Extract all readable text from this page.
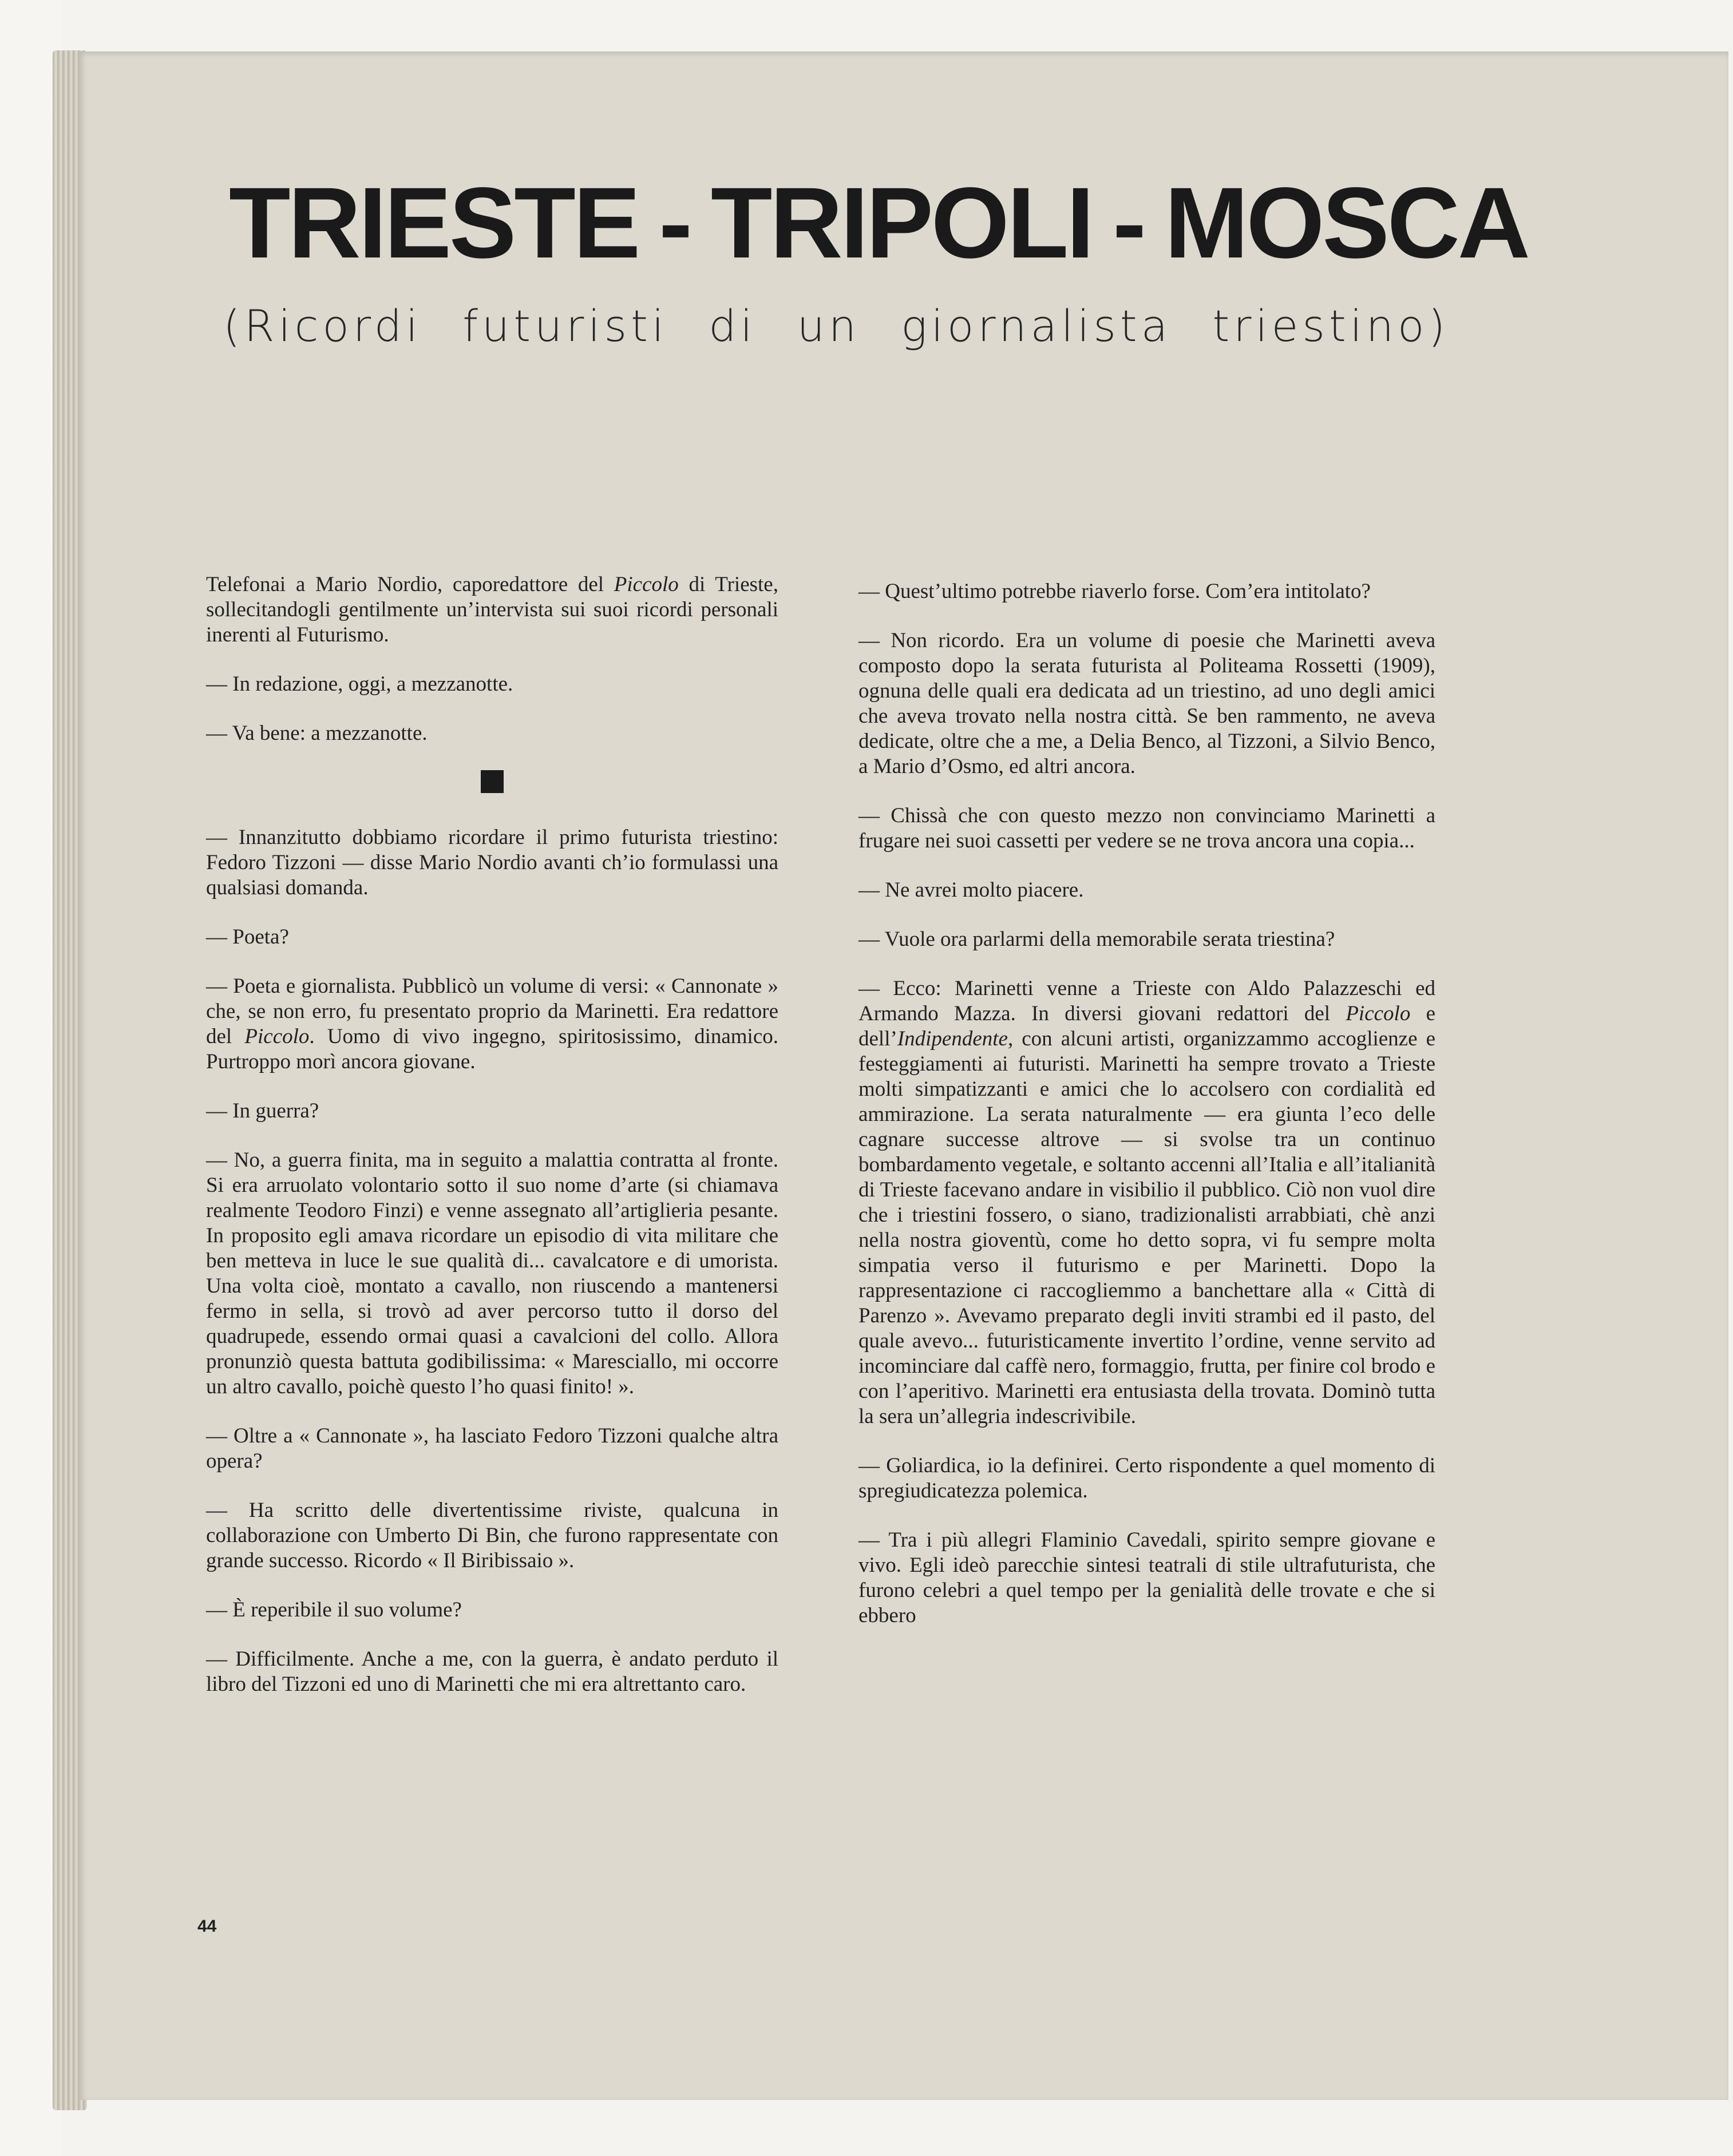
TRIESTE - TRIPOLI - MOSCA
(Ricordi futuristi di un giornalista triestino)

Telefonai a Mario Nordio, caporedattore del Piccolo di Trieste, sollecitandogli gentilmente un’intervista sui suoi ricordi personali inerenti al Futurismo.

— In redazione, oggi, a mezzanotte.

— Va bene: a mezzanotte.

— Innanzitutto dobbiamo ricordare il primo futurista triestino: Fedoro Tizzoni — disse Mario Nordio avanti ch’io formulassi una qualsiasi domanda.

— Poeta?

— Poeta e giornalista. Pubblicò un volume di versi: « Cannonate » che, se non erro, fu presentato proprio da Marinetti. Era redattore del Piccolo. Uomo di vivo ingegno, spiritosissimo, dinamico. Purtroppo morì ancora giovane.

— In guerra?

— No, a guerra finita, ma in seguito a malattia contratta al fronte. Si era arruolato volontario sotto il suo nome d’arte (si chiamava realmente Teodoro Finzi) e venne assegnato all’artiglieria pesante. In proposito egli amava ricordare un episodio di vita militare che ben metteva in luce le sue qualità di... cavalcatore e di umorista. Una volta cioè, montato a cavallo, non riuscendo a mantenersi fermo in sella, si trovò ad aver percorso tutto il dorso del quadrupede, essendo ormai quasi a cavalcioni del collo. Allora pronunziò questa battuta godibilissima: « Maresciallo, mi occorre un altro cavallo, poichè questo l’ho quasi finito! ».

— Oltre a « Cannonate », ha lasciato Fedoro Tizzoni qualche altra opera?

— Ha scritto delle divertentissime riviste, qualcuna in collaborazione con Umberto Di Bin, che furono rappresentate con grande successo. Ricordo « Il Biribissaio ».

— È reperibile il suo volume?

— Difficilmente. Anche a me, con la guerra, è andato perduto il libro del Tizzoni ed uno di Marinetti che mi era altrettanto caro.

— Quest’ultimo potrebbe riaverlo forse. Com’era intitolato?

— Non ricordo. Era un volume di poesie che Marinetti aveva composto dopo la serata futurista al Politeama Rossetti (1909), ognuna delle quali era dedicata ad un triestino, ad uno degli amici che aveva trovato nella nostra città. Se ben rammento, ne aveva dedicate, oltre che a me, a Delia Benco, al Tizzoni, a Silvio Benco, a Mario d’Osmo, ed altri ancora.

— Chissà che con questo mezzo non convinciamo Marinetti a frugare nei suoi cassetti per vedere se ne trova ancora una copia...

— Ne avrei molto piacere.

— Vuole ora parlarmi della memorabile serata triestina?

— Ecco: Marinetti venne a Trieste con Aldo Palazzeschi ed Armando Mazza. In diversi giovani redattori del Piccolo e dell’Indipendente, con alcuni artisti, organizzammo accoglienze e festeggiamenti ai futuristi. Marinetti ha sempre trovato a Trieste molti simpatizzanti e amici che lo accolsero con cordialità ed ammirazione. La serata naturalmente — era giunta l’eco delle cagnare successe altrove — si svolse tra un continuo bombardamento vegetale, e soltanto accenni all’Italia e all’italianità di Trieste facevano andare in visibilio il pubblico. Ciò non vuol dire che i triestini fossero, o siano, tradizionalisti arrabbiati, chè anzi nella nostra gioventù, come ho detto sopra, vi fu sempre molta simpatia verso il futurismo e per Marinetti. Dopo la rappresentazione ci raccogliemmo a banchettare alla « Città di Parenzo ». Avevamo preparato degli inviti strambi ed il pasto, del quale avevo... futuristicamente invertito l’ordine, venne servito ad incominciare dal caffè nero, formaggio, frutta, per finire col brodo e con l’aperitivo. Marinetti era entusiasta della trovata. Dominò tutta la sera un’allegria indescrivibile.

— Goliardica, io la definirei. Certo rispondente a quel momento di spregiudicatezza polemica.

— Tra i più allegri Flaminio Cavedali, spirito sempre giovane e vivo. Egli ideò parecchie sintesi teatrali di stile ultrafuturista, che furono celebri a quel tempo per la genialità delle trovate e che si ebbero

44
